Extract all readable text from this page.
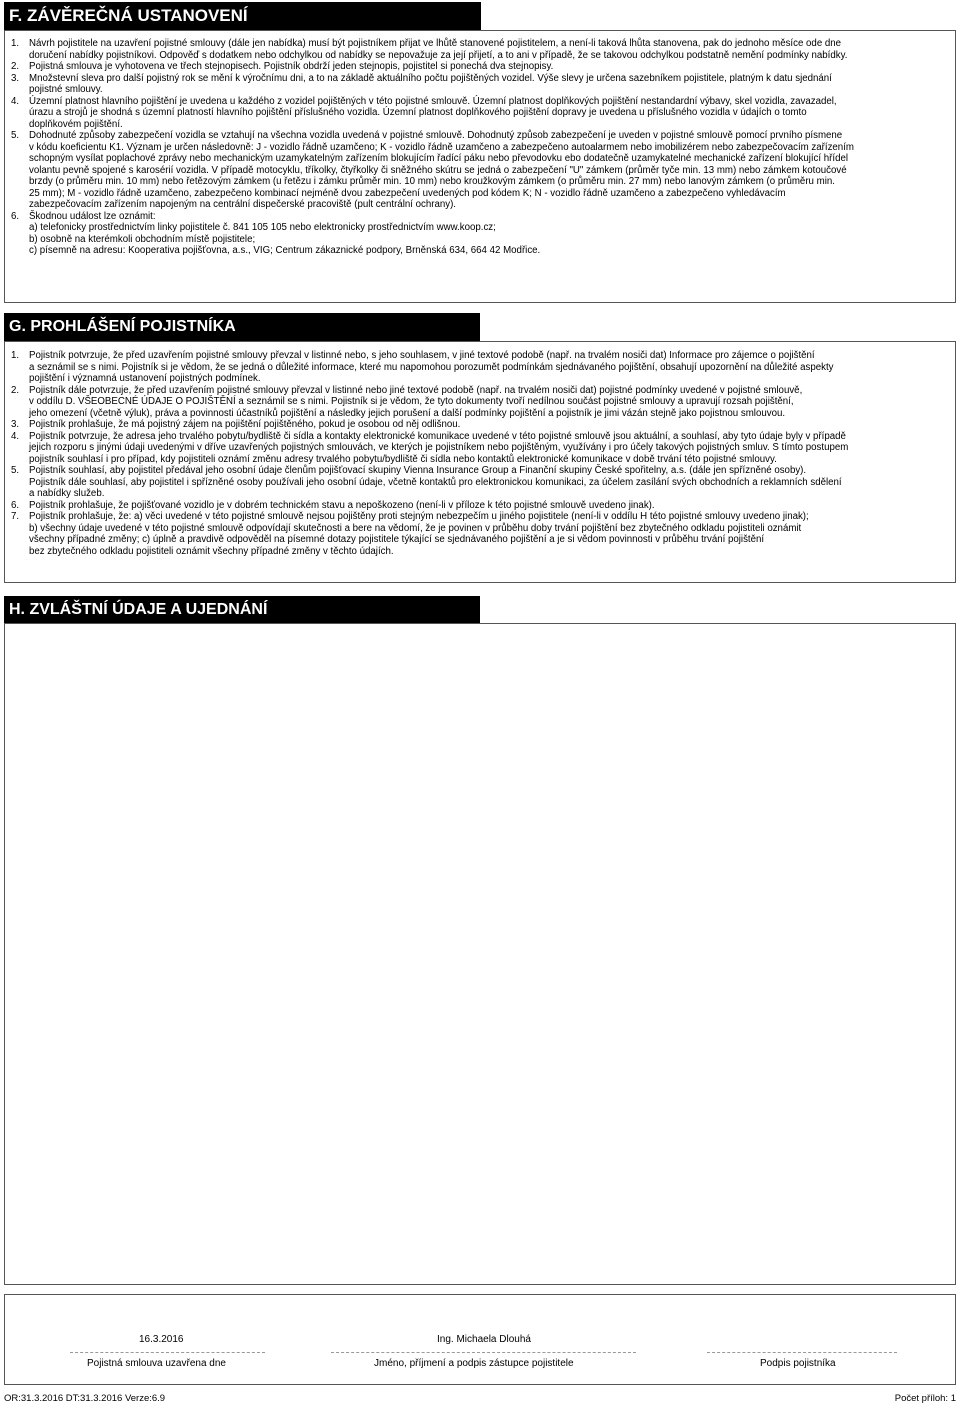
F. ZÁVĚREČNÁ USTANOVENÍ
1. Návrh pojistitele na uzavření pojistné smlouvy (dále jen nabídka) musí být pojistníkem přijat ve lhůtě stanovené pojistitelem, a není-li taková lhůta stanovena, pak do jednoho měsíce ode dne
doručení nabídky pojistníkovi. Odpověď s dodatkem nebo odchylkou od nabídky se nepovažuje za její přijetí, a to ani v případě, že se takovou odchylkou podstatně nemění podmínky nabídky.
2. Pojistná smlouva je vyhotovena ve třech stejnopisech. Pojistník obdrží jeden stejnopis, pojistitel si ponechá dva stejnopisy.
3. Množstevní sleva pro další pojistný rok se mění k výročnímu dni, a to na základě aktuálního počtu pojištěných vozidel. Výše slevy je určena sazebníkem pojistitele, platným k datu sjednání
pojistné smlouvy.
4. Územní platnost hlavního pojištění je uvedena u každého z vozidel pojištěných v této pojistné smlouvě. Územní platnost doplňkových pojištění nestandardní výbavy, skel vozidla, zavazadel,
úrazu a strojů je shodná s územní platností hlavního pojištění příslušného vozidla. Územní platnost doplňkového pojištění dopravy je uvedena u příslušného vozidla v údajích o tomto
doplňkovém pojištění.
5. Dohodnuté způsoby zabezpečení vozidla se vztahují na všechna vozidla uvedená v pojistné smlouvě. Dohodnutý způsob zabezpečení je uveden v pojistné smlouvě pomocí prvního písmene
v kódu koeficientu K1. Význam je určen následovně: J - vozidlo řádně uzamčeno; K - vozidlo řádně uzamčeno a zabezpečeno autoalarmem nebo imobilizérem nebo zabezpečovacím zařízením
schopným vysílat poplachové zprávy nebo mechanickým uzamykatelným zařízením blokujícím řadící páku nebo převodovku ebo dodatečně uzamykatelné mechanické zařízení blokující hřídel
volantu pevně spojené s karosérií vozidla. V případě motocyklu, tříkolky, čtyřkolky či sněžného skútru se jedná o zabezpečení "U" zámkem (průměr tyče min. 13 mm) nebo zámkem kotoučové
brzdy (o průměru min. 10 mm) nebo řetězovým zámkem (u řetězu i zámku průměr min. 10 mm) nebo kroužkovým zámkem (o průměru min. 27 mm) nebo lanovým zámkem (o průměru min.
25 mm); M - vozidlo řádně uzamčeno, zabezpečeno kombinací nejméně dvou zabezpečení uvedených pod kódem K; N - vozidlo řádně uzamčeno a zabezpečeno vyhledávacím
zabezpečovacím zařízením napojeným na centrální dispečerské pracoviště (pult centrální ochrany).
6. Škodnou událost lze oznámit:
a) telefonicky prostřednictvím linky pojistitele č. 841 105 105 nebo elektronicky prostřednictvím www.koop.cz;
b) osobně na kterémkoli obchodním místě pojistitele;
c) písemně na adresu: Kooperativa pojišťovna, a.s., VIG; Centrum zákaznické podpory, Brněnská 634, 664 42 Modřice.
G. PROHLÁŠENÍ POJISTNÍKA
1. Pojistník potvrzuje, že před uzavřením pojistné smlouvy převzal v listinné nebo, s jeho souhlasem, v jiné textové podobě (např. na trvalém nosiči dat) Informace pro zájemce o pojištění
a seznámil se s nimi. Pojistník si je vědom, že se jedná o důležité informace, které mu napomohou porozumět podmínkám sjednávaného pojištění, obsahují upozornění na důležité aspekty
pojištění i významná ustanovení pojistných podmínek.
2. Pojistník dále potvrzuje, že před uzavřením pojistné smlouvy převzal v listinné nebo jiné textové podobě (např. na trvalém nosiči dat) pojistné podmínky uvedené v pojistné smlouvě,
v oddílu D. VŠEOBECNÉ ÚDAJE O POJIŠTĚNÍ a seznámil se s nimi. Pojistník si je vědom, že tyto dokumenty tvoří nedílnou součást pojistné smlouvy a upravují rozsah pojištění,
jeho omezení (včetně výluk), práva a povinnosti účastníků pojištění a následky jejich porušení a další podmínky pojištění a pojistník je jimi vázán stejně jako pojistnou smlouvou.
3. Pojistník prohlašuje, že má pojistný zájem na pojištění pojištěného, pokud je osobou od něj odlišnou.
4. Pojistník potvrzuje, že adresa jeho trvalého pobytu/bydliště či sídla a kontakty elektronické komunikace uvedené v této pojistné smlouvě jsou aktuální, a souhlasí, aby tyto údaje byly v případě
jejich rozporu s jinými údaji uvedenými v dříve uzavřených pojistných smlouvách, ve kterých je pojistníkem nebo pojištěným, využívány i pro účely takových pojistných smluv. S tímto postupem
pojistník souhlasí i pro případ, kdy pojistiteli oznámí změnu adresy trvalého pobytu/bydliště či sídla nebo kontaktů elektronické komunikace v době trvání této pojistné smlouvy.
5. Pojistník souhlasí, aby pojistitel předával jeho osobní údaje členům pojišťovací skupiny Vienna Insurance Group a Finanční skupiny České spořitelny, a.s. (dále jen spřízněné osoby).
Pojistník dále souhlasí, aby pojistitel i spřízněné osoby používali jeho osobní údaje, včetně kontaktů pro elektronickou komunikaci, za účelem zasílání svých obchodních a reklamních sdělení
a nabídky služeb.
6. Pojistník prohlašuje, že pojišťované vozidlo je v dobrém technickém stavu a nepoškozeno (není-li v příloze k této pojistné smlouvě uvedeno jinak).
7. Pojistník prohlašuje, že: a) věci uvedené v této pojistné smlouvě nejsou pojištěny proti stejným nebezpečím u jiného pojistitele (není-li v oddílu H této pojistné smlouvy uvedeno jinak);
b) všechny údaje uvedené v této pojistné smlouvě odpovídají skutečnosti a bere na vědomí, že je povinen v průběhu doby trvání pojištění bez zbytečného odkladu pojistiteli oznámit
všechny případné změny; c) úplně a pravdivě odpověděl na písemné dotazy pojistitele týkající se sjednávaného pojištění a je si vědom povinnosti v průběhu trvání pojištění
bez zbytečného odkladu pojistiteli oznámit všechny případné změny v těchto údajích.
H. ZVLÁŠTNÍ ÚDAJE A UJEDNÁNÍ
16.3.2016	Ing. Michaela Dlouhá
Pojistná smlouva uzavřena dne	Jméno, příjmení a podpis zástupce pojistitele	Podpis pojistníka
OR:31.3.2016 DT:31.3.2016 Verze:6.9	Počet příloh: 1
